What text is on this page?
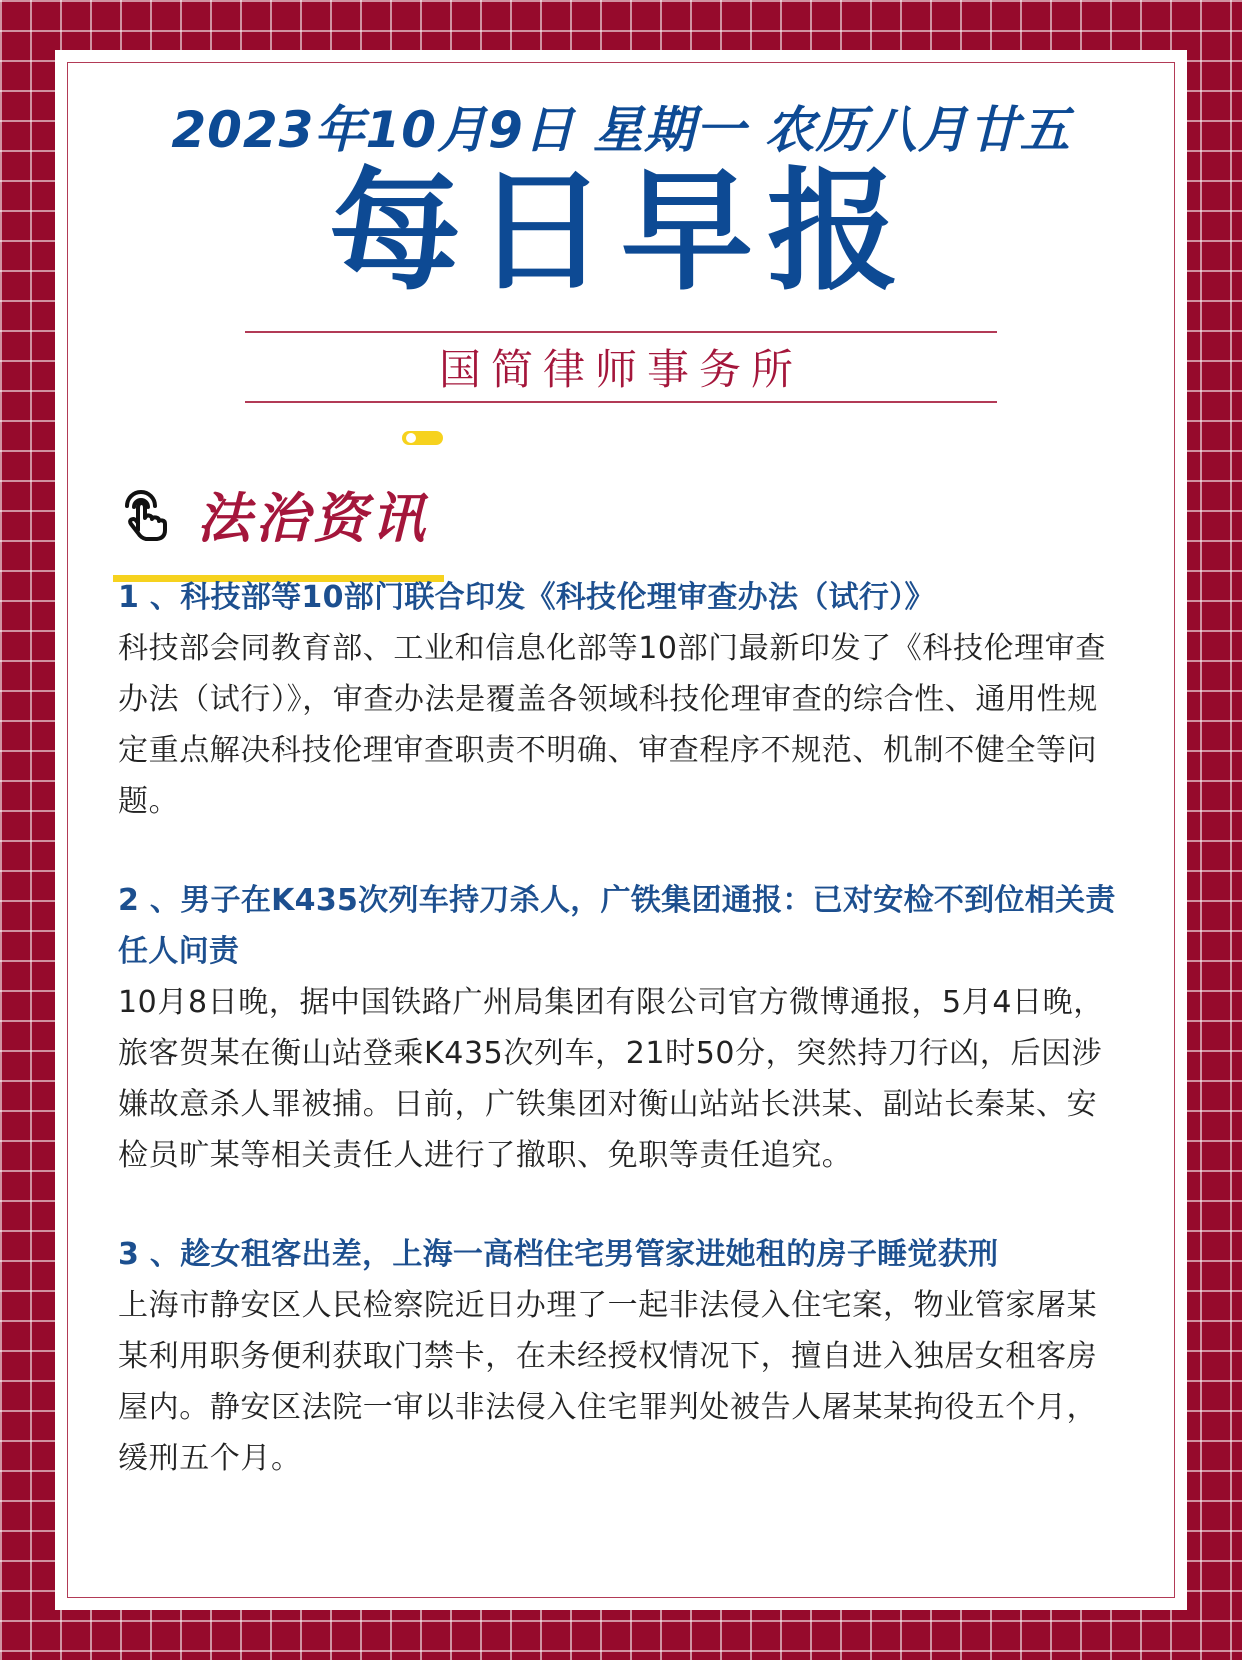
2023年10月9日 星期一 农历八月廿五
每日早报
国简律师事务所
法治资讯
1 、科技部等10部门联合印发《科技伦理审查办法（试行）》
科技部会同教育部、工业和信息化部等10部门最新印发了《科技伦理审查办法（试行）》，审查办法是覆盖各领域科技伦理审查的综合性、通用性规定重点解决科技伦理审查职责不明确、审查程序不规范、机制不健全等问题。
2 、男子在K435次列车持刀杀人，广铁集团通报：已对安检不到位相关责任人问责
10月8日晚，据中国铁路广州局集团有限公司官方微博通报，5月4日晚，旅客贺某在衡山站登乘K435次列车，21时50分，突然持刀行凶，后因涉嫌故意杀人罪被捕。日前，广铁集团对衡山站站长洪某、副站长秦某、安检员旷某等相关责任人进行了撤职、免职等责任追究。
3 、趁女租客出差，上海一高档住宅男管家进她租的房子睡觉获刑
上海市静安区人民检察院近日办理了一起非法侵入住宅案，物业管家屠某某利用职务便利获取门禁卡，在未经授权情况下，擅自进入独居女租客房屋内。静安区法院一审以非法侵入住宅罪判处被告人屠某某拘役五个月，缓刑五个月。
